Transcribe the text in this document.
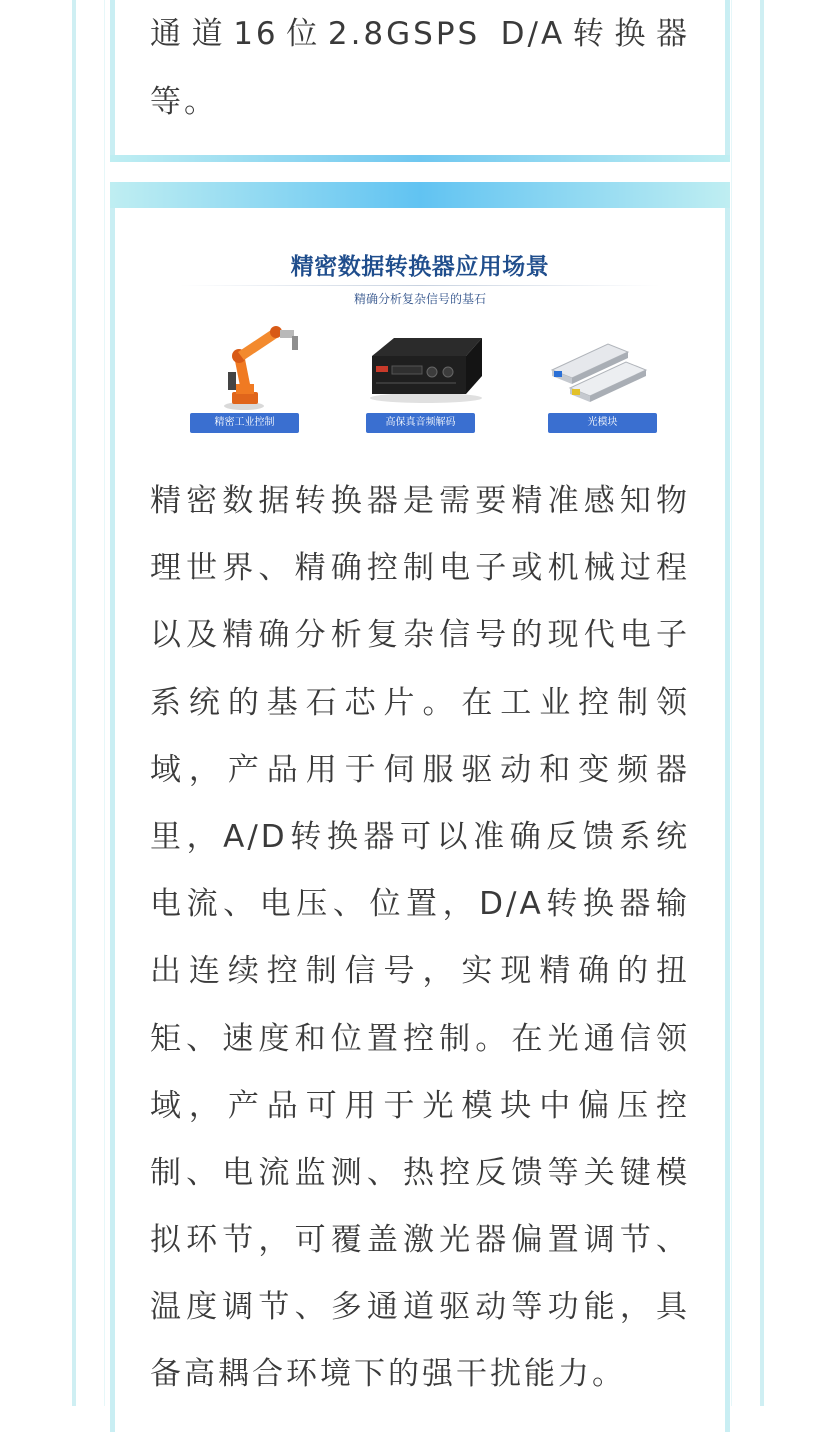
通道16位2.8GSPS D/A转换器
等。
精密数据转换器应用场景
精确分析复杂信号的基石
精密工业控制	高保真音频解码	光模块
精密数据转换器是需要精准感知物
理世界、精确控制电子或机械过程
以及精确分析复杂信号的现代电子
系统的基石芯片。在工业控制领
域，产品用于伺服驱动和变频器
里，A/D转换器可以准确反馈系统
电流、电压、位置，D/A转换器输
出连续控制信号，实现精确的扭
矩、速度和位置控制。在光通信领
域，产品可用于光模块中偏压控
制、电流监测、热控反馈等关键模
拟环节，可覆盖激光器偏置调节、
温度调节、多通道驱动等功能，具
备高耦合环境下的强干扰能力。
